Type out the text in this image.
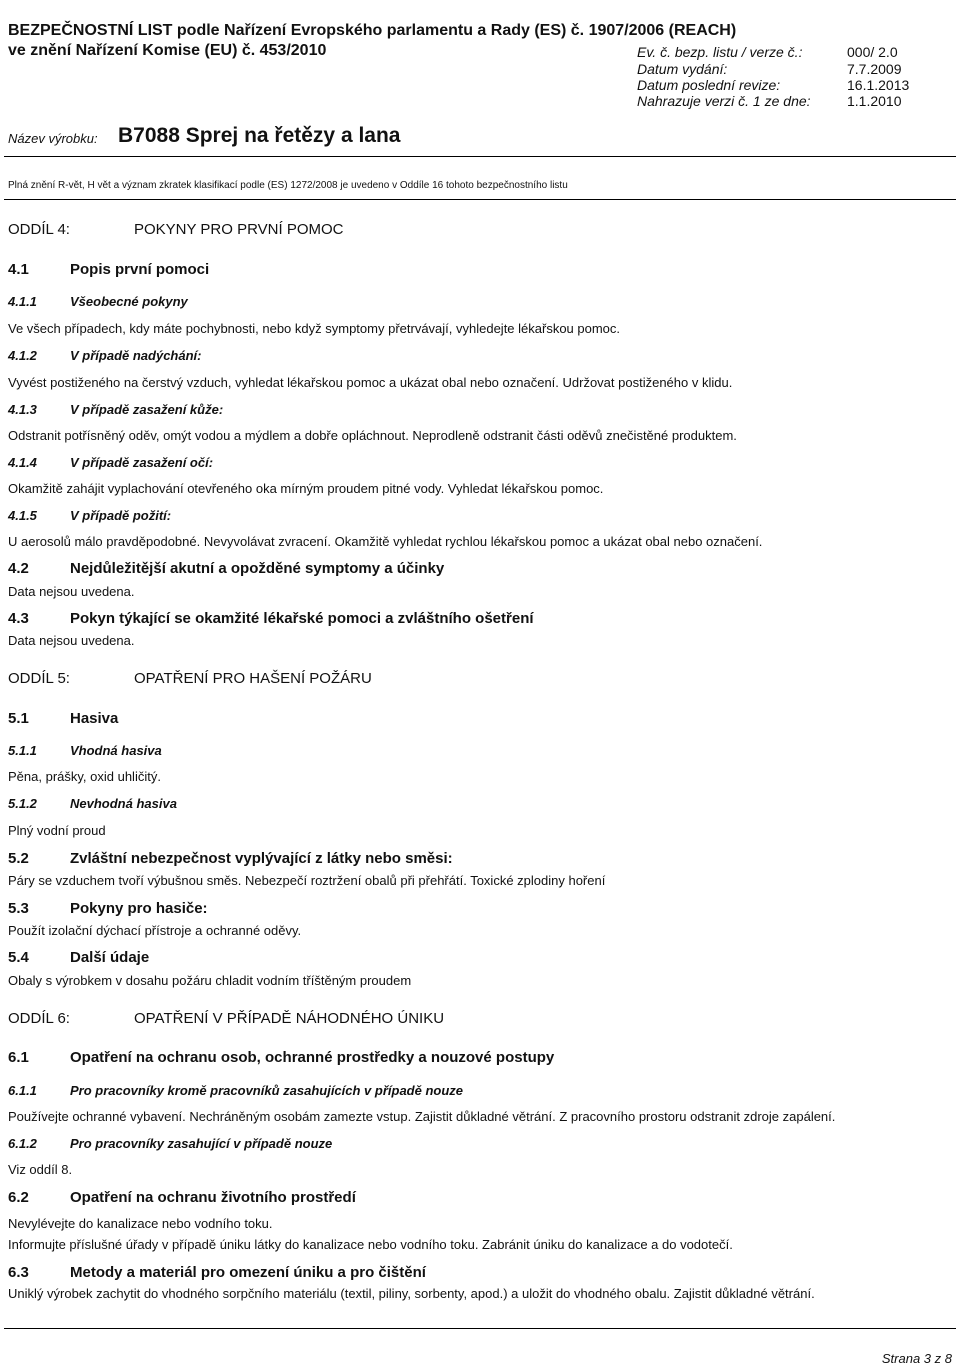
BEZPEČNOSTNÍ LIST podle Nařízení Evropského parlamentu a Rady (ES) č. 1907/2006 (REACH)
ve znění Nařízení Komise (EU) č. 453/2010	Ev. č. bezp. listu / verze č.:	000/ 2.0
Datum vydání:	7.7.2009
Datum poslední revize:	16.1.2013
Nahrazuje verzi č. 1 ze dne:	1.1.2010
Název výrobku: B7088 Sprej na řetězy a lana
Plná znění R-vět, H vět a význam zkratek klasifikací podle (ES) 1272/2008 je uvedeno v Oddíle 16 tohoto bezpečnostního listu
ODDÍL 4:	POKYNY PRO PRVNÍ POMOC
4.1	Popis první pomoci
4.1.1	Všeobecné pokyny
Ve všech případech, kdy máte pochybnosti, nebo když symptomy přetrvávají, vyhledejte lékařskou pomoc.
4.1.2	V případě nadýchání:
Vyvést postiženého na čerstvý vzduch, vyhledat lékařskou pomoc a ukázat obal nebo označení. Udržovat postiženého v klidu.
4.1.3	V případě zasažení kůže:
Odstranit potřísněný oděv, omýt vodou a mýdlem a dobře opláchnout. Neprodleně odstranit části oděvů znečistěné produktem.
4.1.4	V případě zasažení očí:
Okamžitě zahájit vyplachování otevřeného oka mírným proudem pitné vody. Vyhledat lékařskou pomoc.
4.1.5	V případě požití:
U aerosolů málo pravděpodobné. Nevyvolávat zvracení. Okamžitě vyhledat rychlou lékařskou pomoc a ukázat obal nebo označení.
4.2	Nejdůležitější akutní a opožděné symptomy a účinky
Data nejsou uvedena.
4.3	Pokyn týkající se okamžité lékařské pomoci a zvláštního ošetření
Data nejsou uvedena.
ODDÍL 5:	OPATŘENÍ PRO HAŠENÍ POŽÁRU
5.1	Hasiva
5.1.1	Vhodná hasiva
Pěna, prášky, oxid uhličitý.
5.1.2	Nevhodná hasiva
Plný vodní proud
5.2	Zvláštní nebezpečnost vyplývající z látky nebo směsi:
Páry se vzduchem tvoří výbušnou směs. Nebezpečí roztržení obalů při přehřátí. Toxické zplodiny hoření
5.3	Pokyny pro hasiče:
Použít izolační dýchací přístroje a ochranné oděvy.
5.4	Další údaje
Obaly s výrobkem v dosahu požáru chladit vodním tříštěným proudem
ODDÍL 6:	OPATŘENÍ V PŘÍPADĚ NÁHODNÉHO ÚNIKU
6.1	Opatření na ochranu osob, ochranné prostředky a nouzové postupy
6.1.1	Pro pracovníky kromě pracovníků zasahujících v případě nouze
Používejte ochranné vybavení. Nechráněným osobám zamezte vstup. Zajistit důkladné větrání. Z pracovního prostoru odstranit zdroje zapálení.
6.1.2	Pro pracovníky zasahující v případě nouze
Viz oddíl 8.
6.2	Opatření na ochranu životního prostředí
Nevylévejte do kanalizace nebo vodního toku.
Informujte příslušné úřady v případě úniku látky do kanalizace nebo vodního toku. Zabránit úniku do kanalizace a do vodotečí.
6.3	Metody a materiál pro omezení úniku a pro čištění
Uniklý výrobek zachytit do vhodného sorpčního materiálu (textil, piliny, sorbenty, apod.) a uložit do vhodného obalu. Zajistit důkladné větrání.
Strana 3 z 8
